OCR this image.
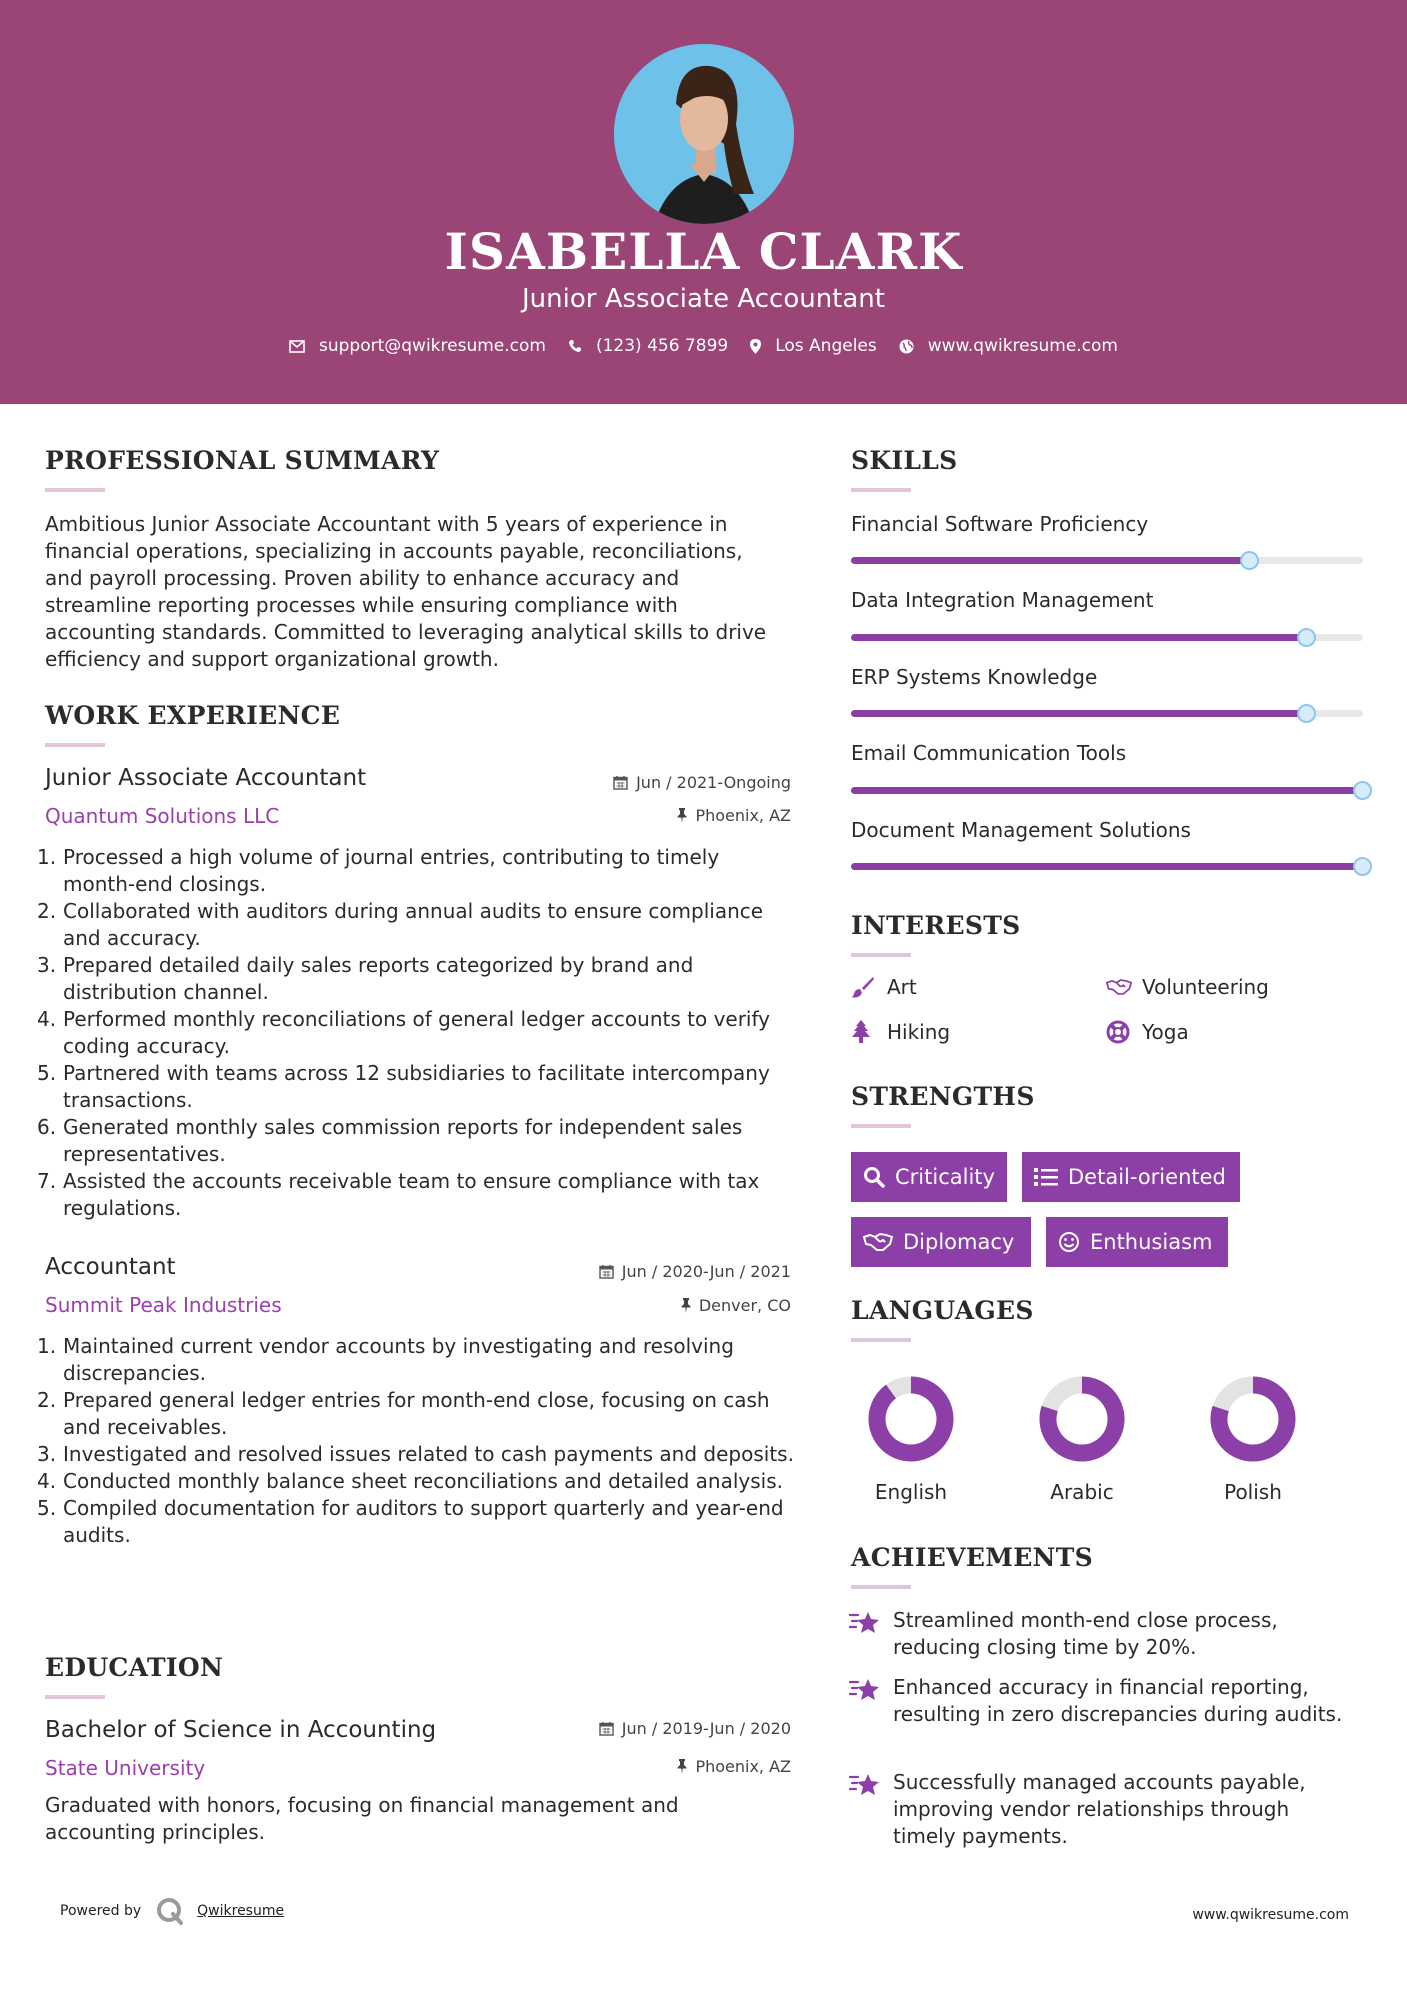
ISABELLA CLARK
Junior Associate Accountant
support@qwikresume.com	(123) 456 7899	Los Angeles	www.qwikresume.com
PROFESSIONAL SUMMARY
Ambitious Junior Associate Accountant with 5 years of experience in financial operations, specializing in accounts payable, reconciliations, and payroll processing. Proven ability to enhance accuracy and streamline reporting processes while ensuring compliance with accounting standards. Committed to leveraging analytical skills to drive efficiency and support organizational growth.
WORK EXPERIENCE
Junior Associate Accountant	Jun / 2021-Ongoing
Quantum Solutions LLC	Phoenix, AZ
1. Processed a high volume of journal entries, contributing to timely month-end closings.
2. Collaborated with auditors during annual audits to ensure compliance and accuracy.
3. Prepared detailed daily sales reports categorized by brand and distribution channel.
4. Performed monthly reconciliations of general ledger accounts to verify coding accuracy.
5. Partnered with teams across 12 subsidiaries to facilitate intercompany transactions.
6. Generated monthly sales commission reports for independent sales representatives.
7. Assisted the accounts receivable team to ensure compliance with tax regulations.
Accountant	Jun / 2020-Jun / 2021
Summit Peak Industries	Denver, CO
1. Maintained current vendor accounts by investigating and resolving discrepancies.
2. Prepared general ledger entries for month-end close, focusing on cash and receivables.
3. Investigated and resolved issues related to cash payments and deposits.
4. Conducted monthly balance sheet reconciliations and detailed analysis.
5. Compiled documentation for auditors to support quarterly and year-end audits.
EDUCATION
Bachelor of Science in Accounting	Jun / 2019-Jun / 2020
State University	Phoenix, AZ
Graduated with honors, focusing on financial management and accounting principles.
SKILLS
Financial Software Proficiency
Data Integration Management
ERP Systems Knowledge
Email Communication Tools
Document Management Solutions
INTERESTS
Art	Volunteering
Hiking	Yoga
STRENGTHS
Criticality	Detail-oriented
Diplomacy	Enthusiasm
LANGUAGES
English	Arabic	Polish
ACHIEVEMENTS
Streamlined month-end close process, reducing closing time by 20%.
Enhanced accuracy in financial reporting, resulting in zero discrepancies during audits.
Successfully managed accounts payable, improving vendor relationships through timely payments.
Powered by	Qwikresume	www.qwikresume.com
